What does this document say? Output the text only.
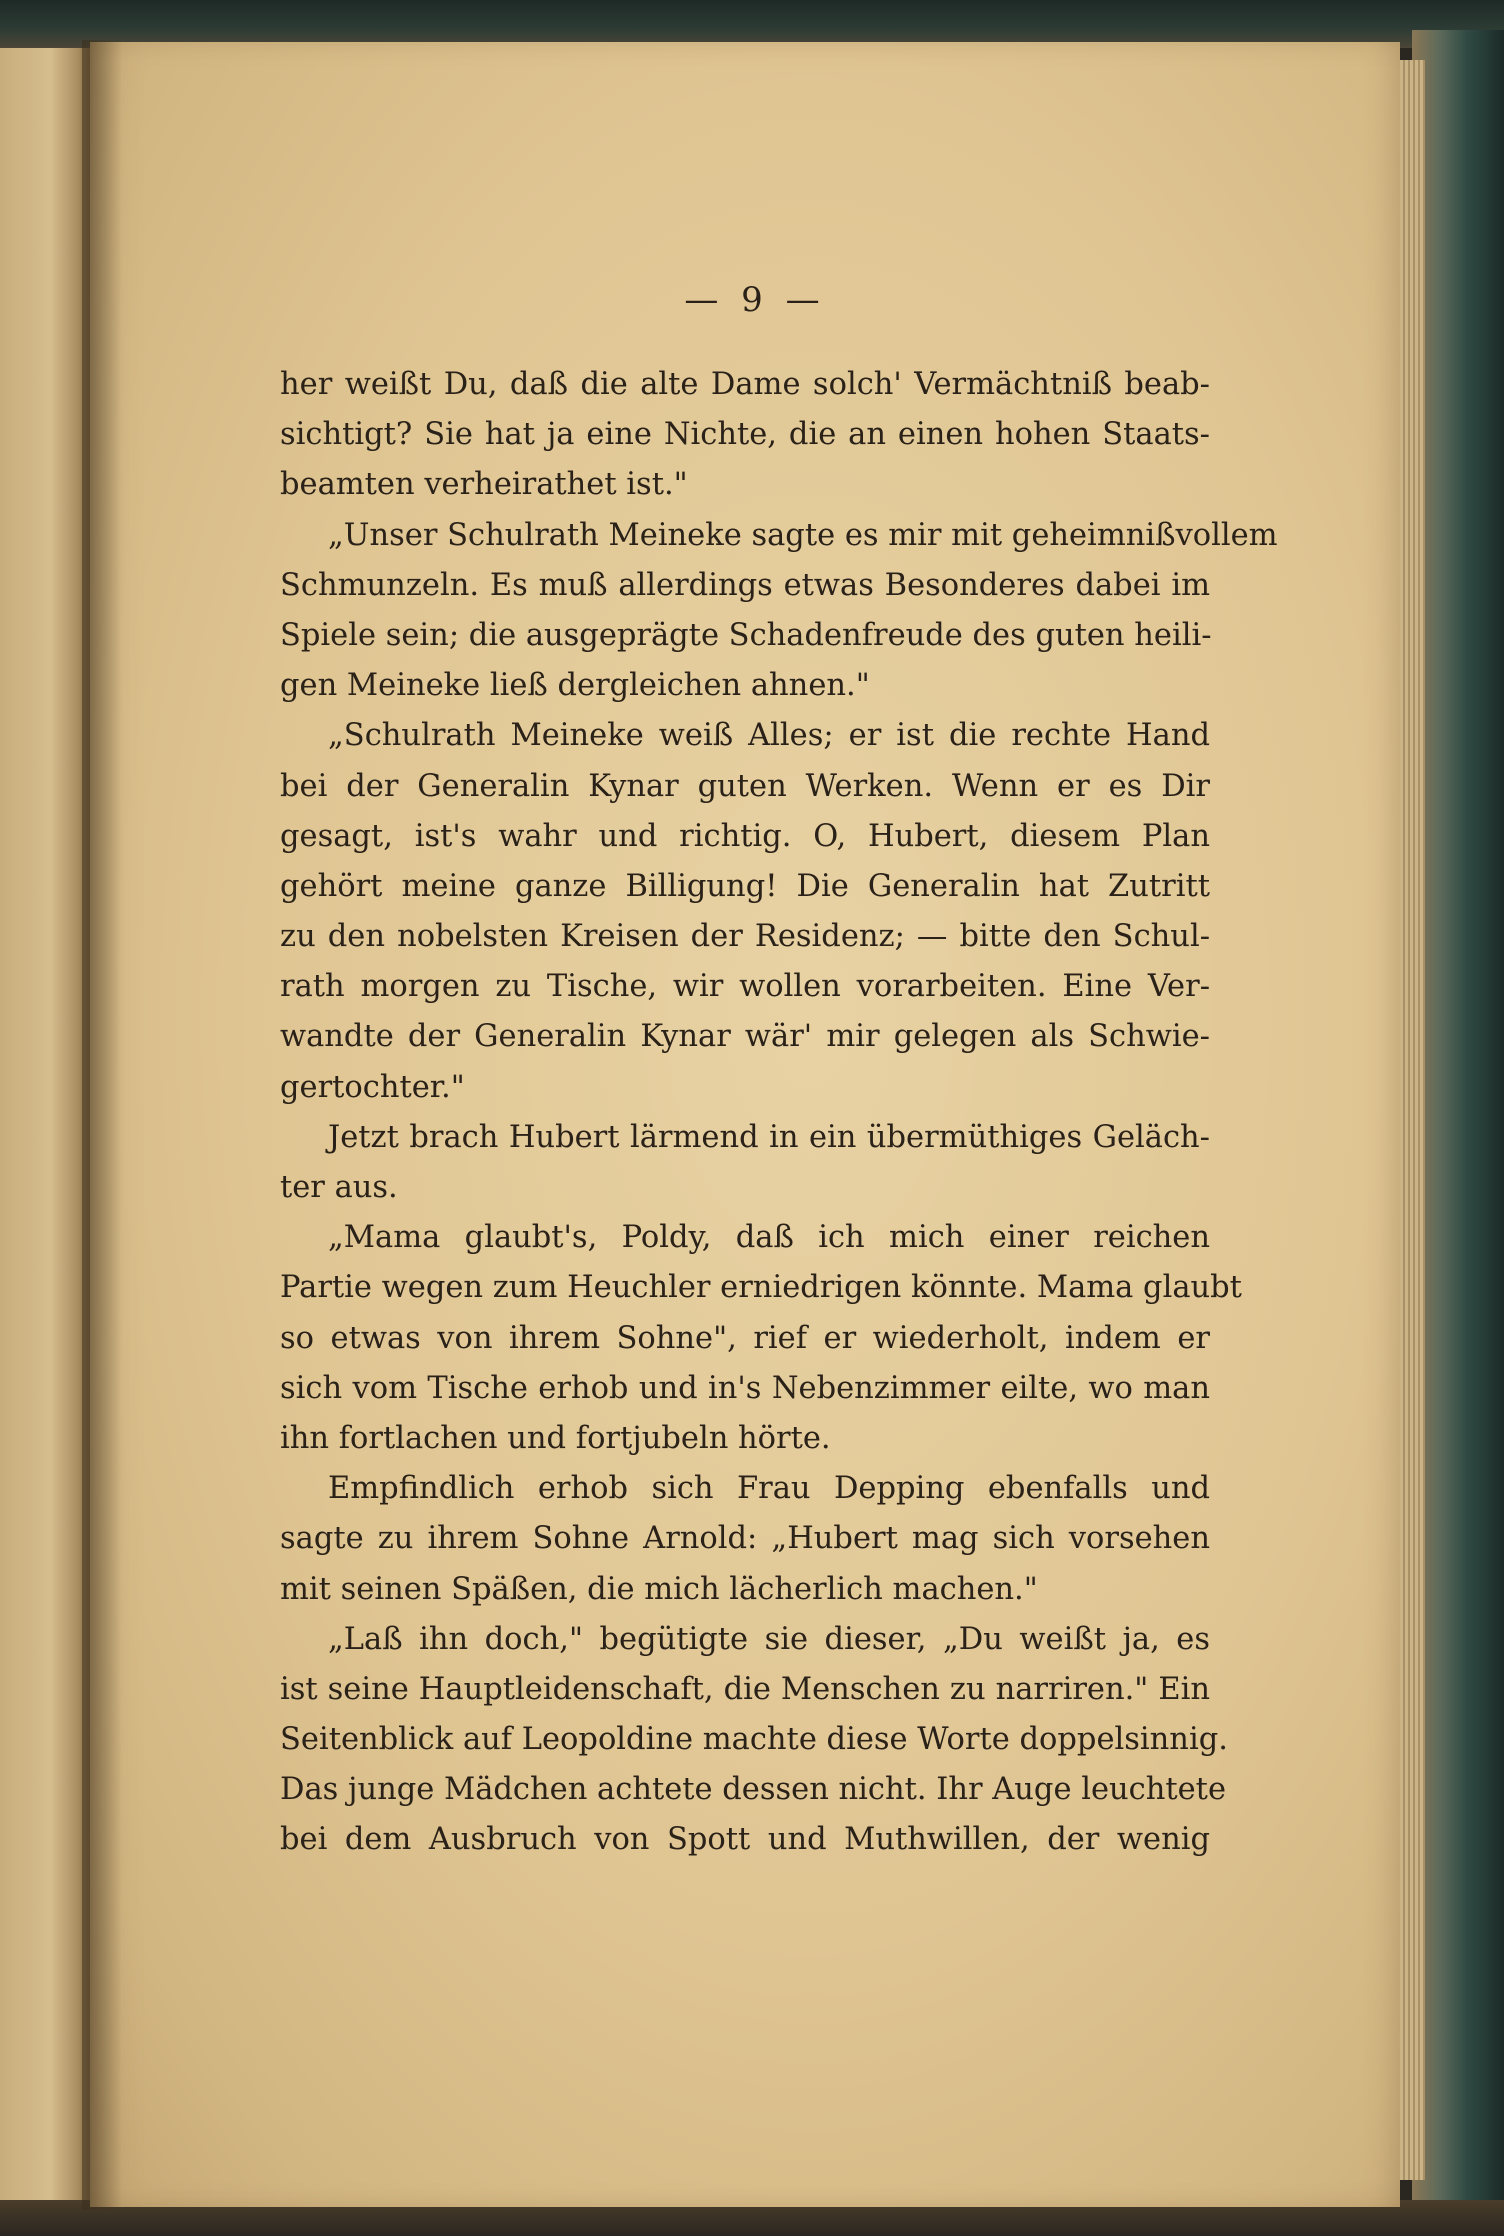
— 9 —
her weißt Du, daß die alte Dame solch' Vermächtniß beab-
sichtigt? Sie hat ja eine Nichte, die an einen hohen Staats-
beamten verheirathet ist."
„Unser Schulrath Meineke sagte es mir mit geheimnißvollem
Schmunzeln. Es muß allerdings etwas Besonderes dabei im
Spiele sein; die ausgeprägte Schadenfreude des guten heili-
gen Meineke ließ dergleichen ahnen."
„Schulrath Meineke weiß Alles; er ist die rechte Hand
bei der Generalin Kynar guten Werken. Wenn er es Dir
gesagt, ist's wahr und richtig. O, Hubert, diesem Plan
gehört meine ganze Billigung! Die Generalin hat Zutritt
zu den nobelsten Kreisen der Residenz; — bitte den Schul-
rath morgen zu Tische, wir wollen vorarbeiten. Eine Ver-
wandte der Generalin Kynar wär' mir gelegen als Schwie-
gertochter."
Jetzt brach Hubert lärmend in ein übermüthiges Geläch-
ter aus.
„Mama glaubt's, Poldy, daß ich mich einer reichen
Partie wegen zum Heuchler erniedrigen könnte. Mama glaubt
so etwas von ihrem Sohne", rief er wiederholt, indem er
sich vom Tische erhob und in's Nebenzimmer eilte, wo man
ihn fortlachen und fortjubeln hörte.
Empfindlich erhob sich Frau Depping ebenfalls und
sagte zu ihrem Sohne Arnold: „Hubert mag sich vorsehen
mit seinen Späßen, die mich lächerlich machen."
„Laß ihn doch," begütigte sie dieser, „Du weißt ja, es
ist seine Hauptleidenschaft, die Menschen zu narriren." Ein
Seitenblick auf Leopoldine machte diese Worte doppelsinnig.
Das junge Mädchen achtete dessen nicht. Ihr Auge leuchtete
bei dem Ausbruch von Spott und Muthwillen, der wenig
